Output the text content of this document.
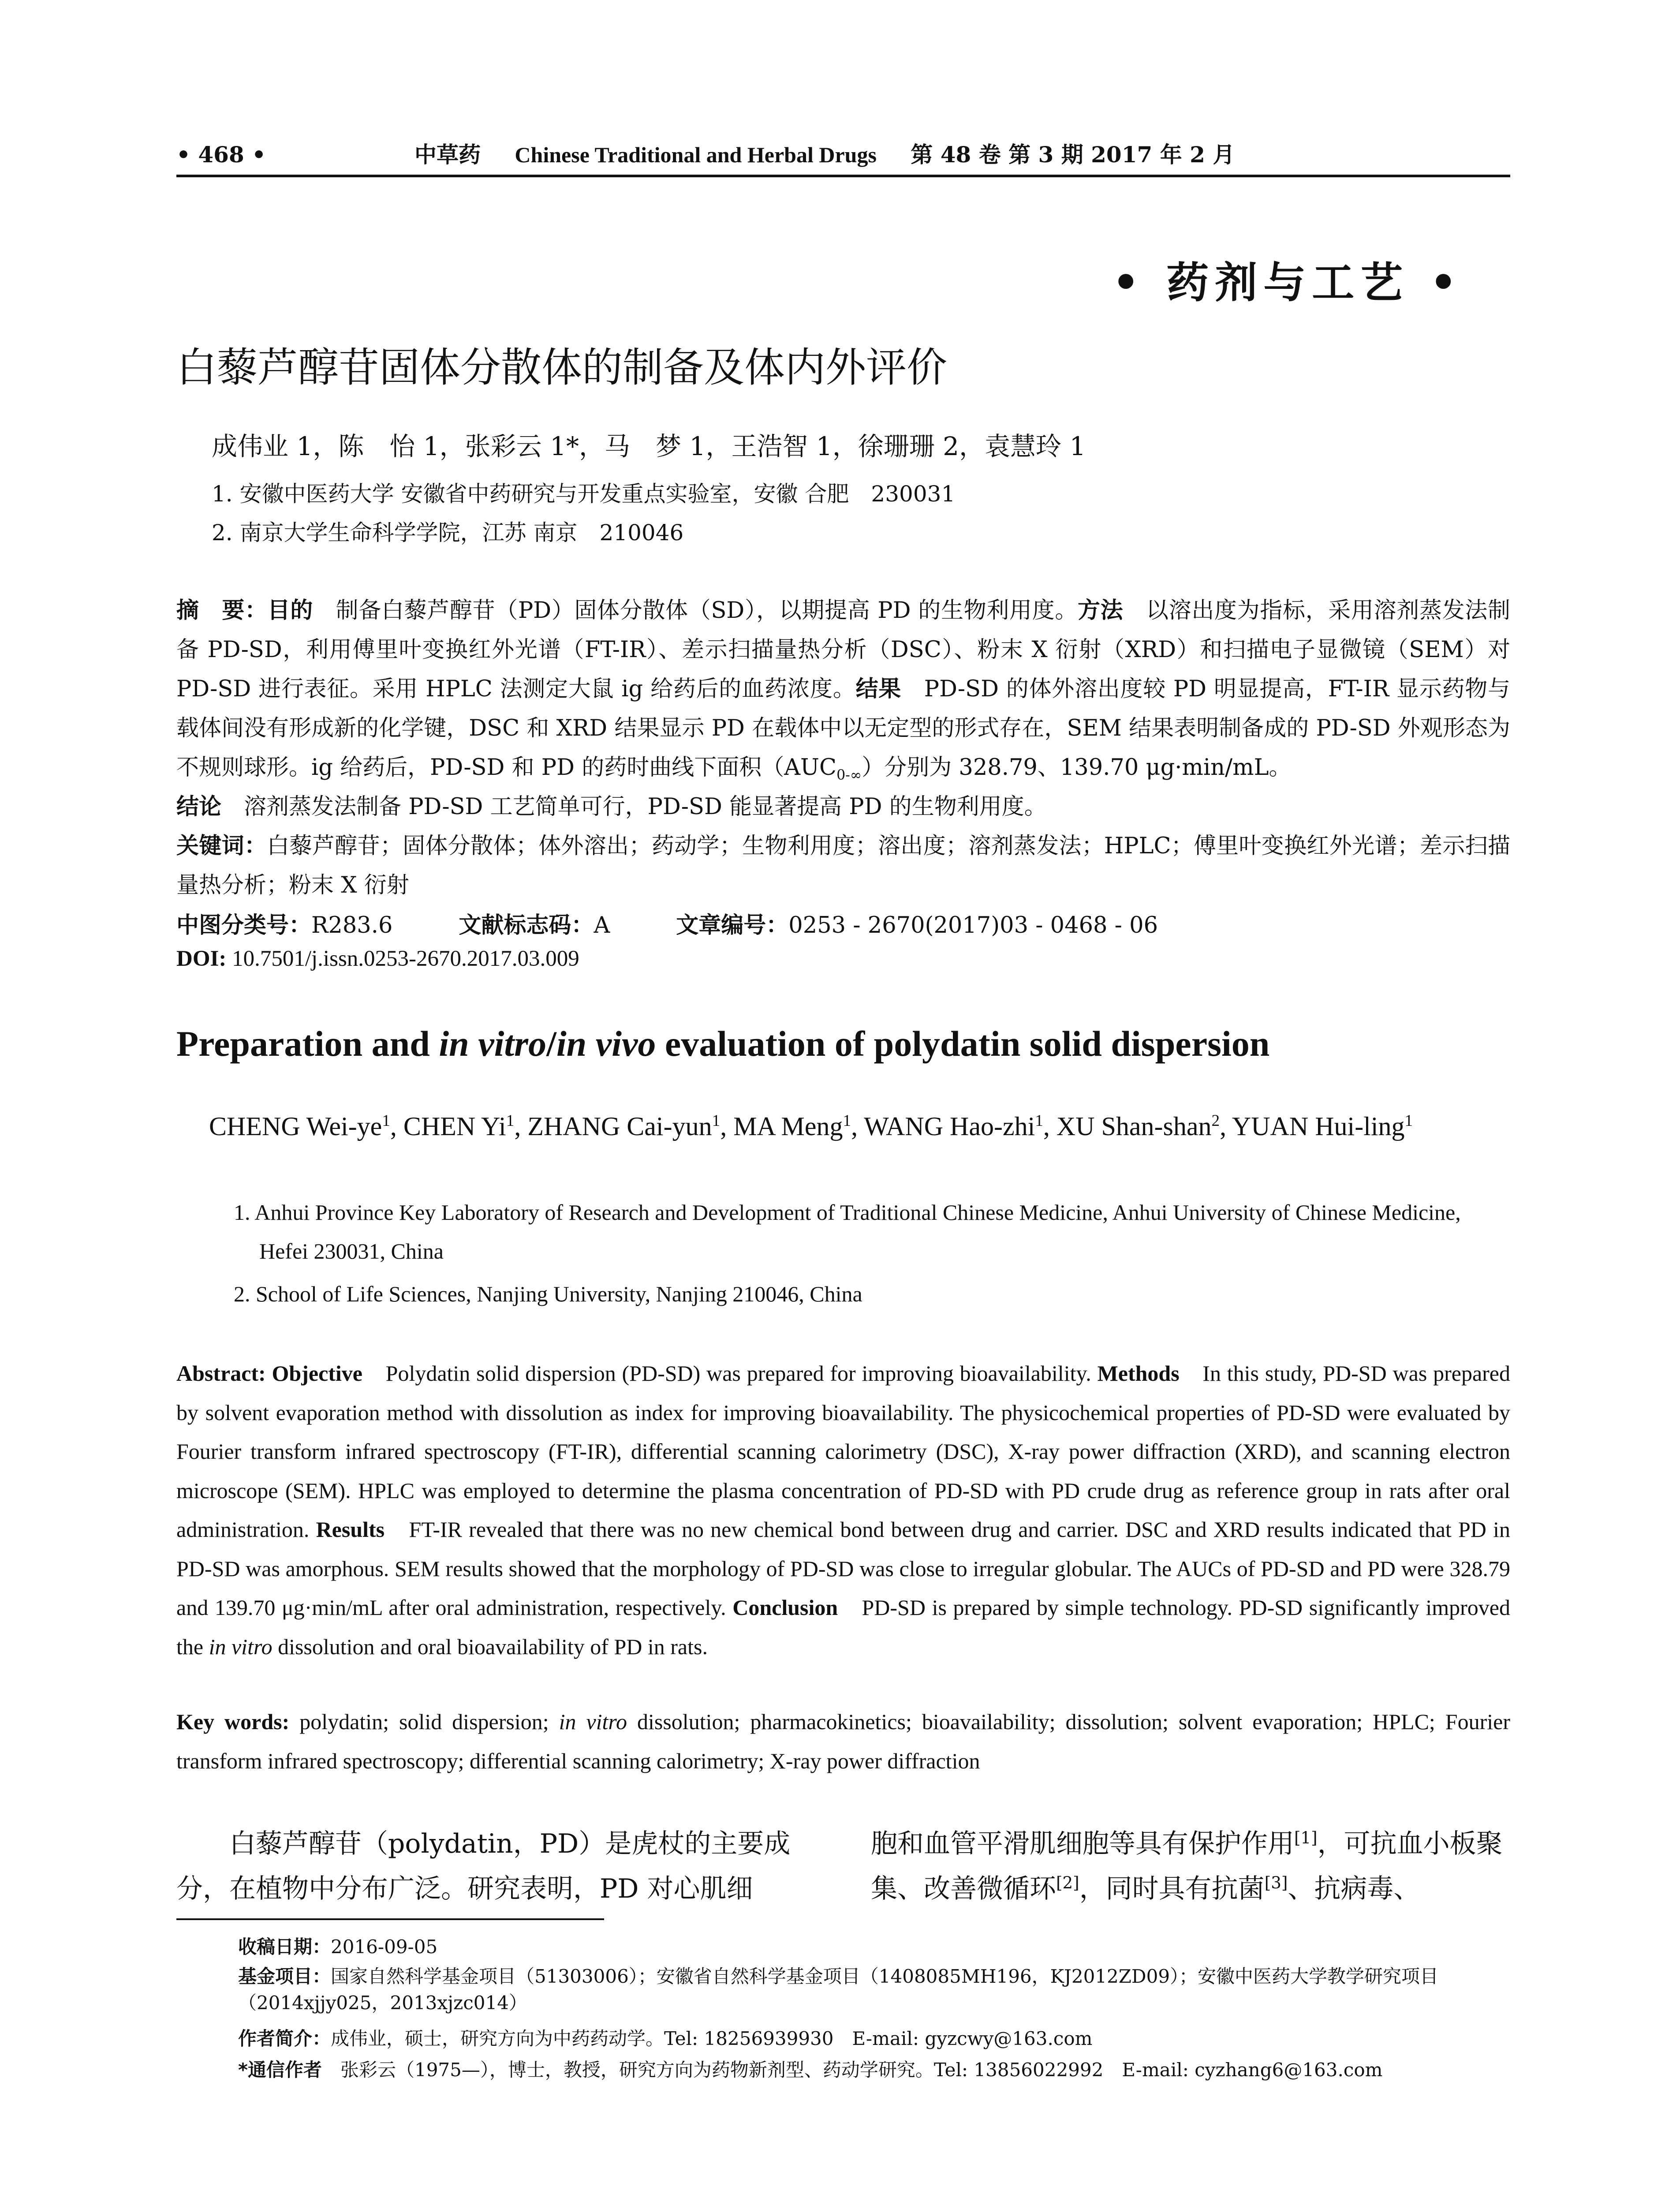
• 468 •	中草药 Chinese Traditional and Herbal Drugs 第 48 卷 第 3 期 2017 年 2 月
• 药剂与工艺 •
白藜芦醇苷固体分散体的制备及体内外评价
成伟业 1，陈　怡 1，张彩云 1*，马　梦 1，王浩智 1，徐珊珊 2，袁慧玲 1
1. 安徽中医药大学 安徽省中药研究与开发重点实验室，安徽 合肥　230031
2. 南京大学生命科学学院，江苏 南京　210046
摘　要：目的　制备白藜芦醇苷（PD）固体分散体（SD），以期提高 PD 的生物利用度。方法　以溶出度为指标，采用溶剂蒸发法制备 PD-SD，利用傅里叶变换红外光谱（FT-IR）、差示扫描量热分析（DSC）、粉末 X 衍射（XRD）和扫描电子显微镜（SEM）对 PD-SD 进行表征。采用 HPLC 法测定大鼠 ig 给药后的血药浓度。结果　PD-SD 的体外溶出度较 PD 明显提高，FT-IR 显示药物与载体间没有形成新的化学键，DSC 和 XRD 结果显示 PD 在载体中以无定型的形式存在，SEM 结果表明制备成的 PD-SD 外观形态为不规则球形。ig 给药后，PD-SD 和 PD 的药时曲线下面积$(AUC_{0-\infty})$分别为 328.79、139.70 μg·min/mL。
结论　溶剂蒸发法制备 PD-SD 工艺简单可行，PD-SD 能显著提高 PD 的生物利用度。
关键词：白藜芦醇苷；固体分散体；体外溶出；药动学；生物利用度；溶出度；溶剂蒸发法；HPLC；傅里叶变换红外光谱；差示扫描量热分析；粉末 X 衍射
中图分类号：R283.6	文献标志码：A	文章编号：0253 - 2670(2017)03 - 0468 - 06
DOI: 10.7501/j.issn.0253-2670.2017.03.009
Preparation and in vitro/in vivo evaluation of polydatin solid dispersion
CHENG Wei-$ye^1$, CHEN Yi$^1$, ZHANG Cai-yun$^1$, MA Meng$^1$, WANG Hao-zhi$^1$, XU Shan-shan$^2$, YUAN Hui-ling$^1$
1. Anhui Province Key Laboratory of Research and Development of Traditional Chinese Medicine, Anhui University of Chinese Medicine, Hefei 230031, China
2. School of Life Sciences, Nanjing University, Nanjing 210046, China
Abstract: Objective　Polydatin solid dispersion (PD-SD) was prepared for improving bioavailability. Methods　In this study, PD-SD was prepared by solvent evaporation method with dissolution as index for improving bioavailability. The physicochemical properties of PD-SD were evaluated by Fourier transform infrared spectroscopy (FT-IR), differential scanning calorimetry (DSC), X-ray power diffraction (XRD), and scanning electron microscope (SEM). HPLC was employed to determine the plasma concentration of PD-SD with PD crude drug as reference group in rats after oral administration. Results　FT-IR revealed that there was no new chemical bond between drug and carrier. DSC and XRD results indicated that PD in PD-SD was amorphous. SEM results showed that the morphology of PD-SD was close to irregular globular. The AUCs of PD-SD and PD were 328.79 and 139.70 μg·min/mL after oral administration, respectively. Conclusion　PD-SD is prepared by simple technology. PD-SD significantly improved the in vitro dissolution and oral bioavailability of PD in rats.
Key words: polydatin; solid dispersion; in vitro dissolution; pharmacokinetics; bioavailability; dissolution; solvent evaporation; HPLC; Fourier transform infrared spectroscopy; differential scanning calorimetry; X-ray power diffraction
白藜芦醇苷（polydatin，PD）是虎杖的主要成分，在植物中分布广泛。研究表明，PD 对心肌细
胞和血管平滑肌细胞等具有保护作用[1]，可抗血小板聚集、改善微循环[2]，同时具有抗菌[3]、抗病毒、
收稿日期：2016-09-05
基金项目：国家自然科学基金项目（51303006）；安徽省自然科学基金项目（1408085MH196，KJ2012ZD09）；安徽中医药大学教学研究项目（2014xjjy025，2013xjzc014）
作者简介：成伟业，硕士，研究方向为中药药动学。Tel: 18256939930　E-mail: gyzcwy@163.com
*通信作者　张彩云（1975—），博士，教授，研究方向为药物新剂型、药动学研究。Tel: 13856022992　E-mail: cyzhang6@163.com
